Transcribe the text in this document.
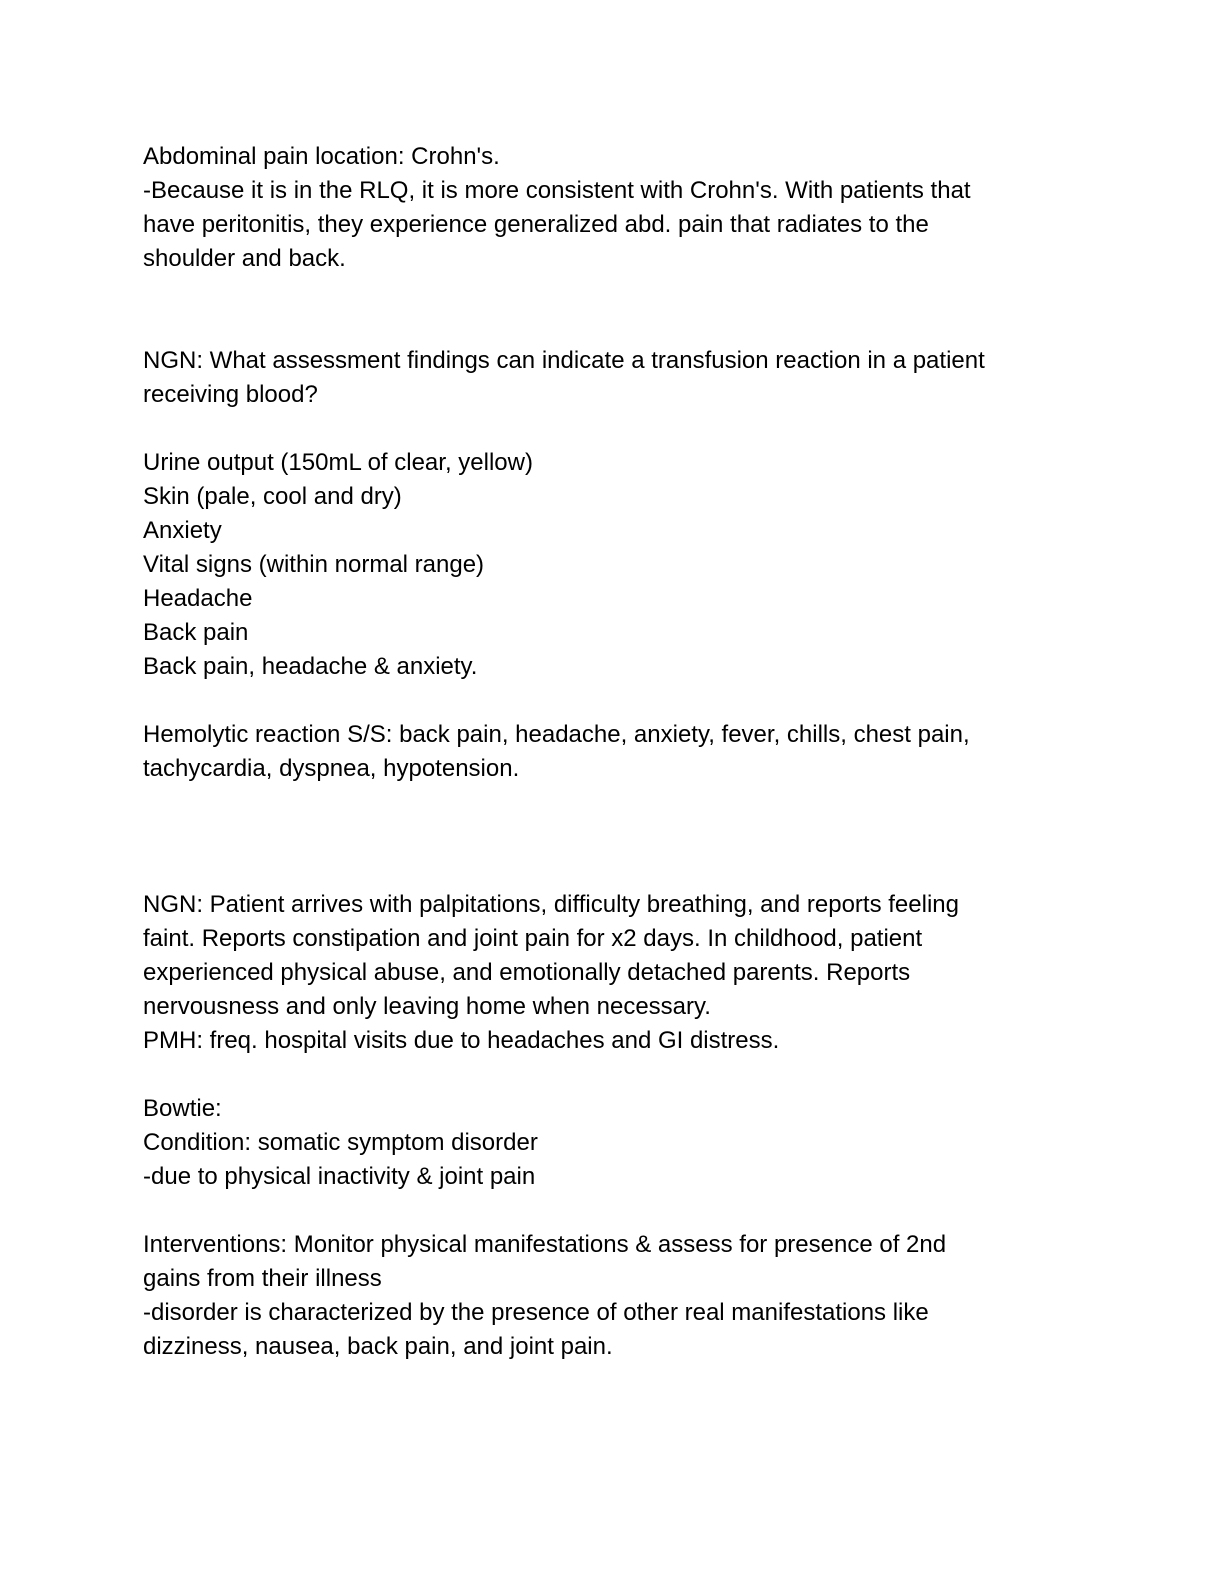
Abdominal pain location: Crohn's.
-Because it is in the RLQ, it is more consistent with Crohn's. With patients that
have peritonitis, they experience generalized abd. pain that radiates to the
shoulder and back.
NGN: What assessment findings can indicate a transfusion reaction in a patient
receiving blood?
Urine output (150mL of clear, yellow)
Skin (pale, cool and dry)
Anxiety
Vital signs (within normal range)
Headache
Back pain
Back pain, headache & anxiety.
Hemolytic reaction S/S: back pain, headache, anxiety, fever, chills, chest pain,
tachycardia, dyspnea, hypotension.
NGN: Patient arrives with palpitations, difficulty breathing, and reports feeling
faint. Reports constipation and joint pain for x2 days. In childhood, patient
experienced physical abuse, and emotionally detached parents. Reports
nervousness and only leaving home when necessary.
PMH: freq. hospital visits due to headaches and GI distress.
Bowtie:
Condition: somatic symptom disorder
-due to physical inactivity & joint pain
Interventions: Monitor physical manifestations & assess for presence of 2nd
gains from their illness
-disorder is characterized by the presence of other real manifestations like
dizziness, nausea, back pain, and joint pain.
